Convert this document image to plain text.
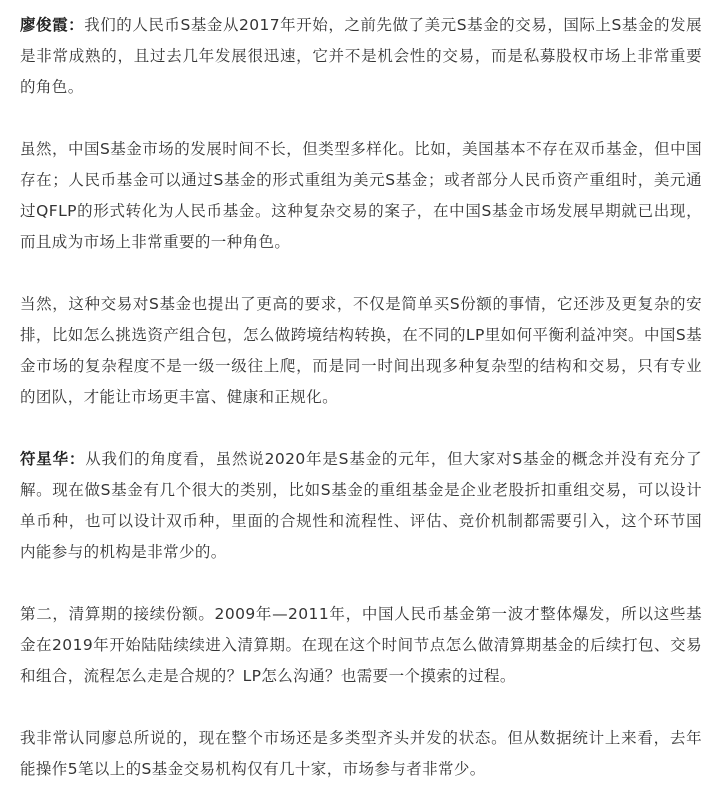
廖俊霞：我们的人民币S基金从2017年开始，之前先做了美元S基金的交易，国际上S基金的发展是非常成熟的，且过去几年发展很迅速，它并不是机会性的交易，而是私募股权市场上非常重要的角色。

虽然，中国S基金市场的发展时间不长，但类型多样化。比如，美国基本不存在双币基金，但中国存在；人民币基金可以通过S基金的形式重组为美元S基金；或者部分人民币资产重组时，美元通过QFLP的形式转化为人民币基金。这种复杂交易的案子，在中国S基金市场发展早期就已出现，而且成为市场上非常重要的一种角色。

当然，这种交易对S基金也提出了更高的要求，不仅是简单买S份额的事情，它还涉及更复杂的安排，比如怎么挑选资产组合包，怎么做跨境结构转换，在不同的LP里如何平衡利益冲突。中国S基金市场的复杂程度不是一级一级往上爬，而是同一时间出现多种复杂型的结构和交易，只有专业的团队，才能让市场更丰富、健康和正规化。

符星华：从我们的角度看，虽然说2020年是S基金的元年，但大家对S基金的概念并没有充分了解。现在做S基金有几个很大的类别，比如S基金的重组基金是企业老股折扣重组交易，可以设计单币种，也可以设计双币种，里面的合规性和流程性、评估、竞价机制都需要引入，这个环节国内能参与的机构是非常少的。

第二，清算期的接续份额。2009年—2011年，中国人民币基金第一波才整体爆发，所以这些基金在2019年开始陆陆续续进入清算期。在现在这个时间节点怎么做清算期基金的后续打包、交易和组合，流程怎么走是合规的？LP怎么沟通？也需要一个摸索的过程。

我非常认同廖总所说的，现在整个市场还是多类型齐头并发的状态。但从数据统计上来看，去年能操作5笔以上的S基金交易机构仅有几十家，市场参与者非常少。
